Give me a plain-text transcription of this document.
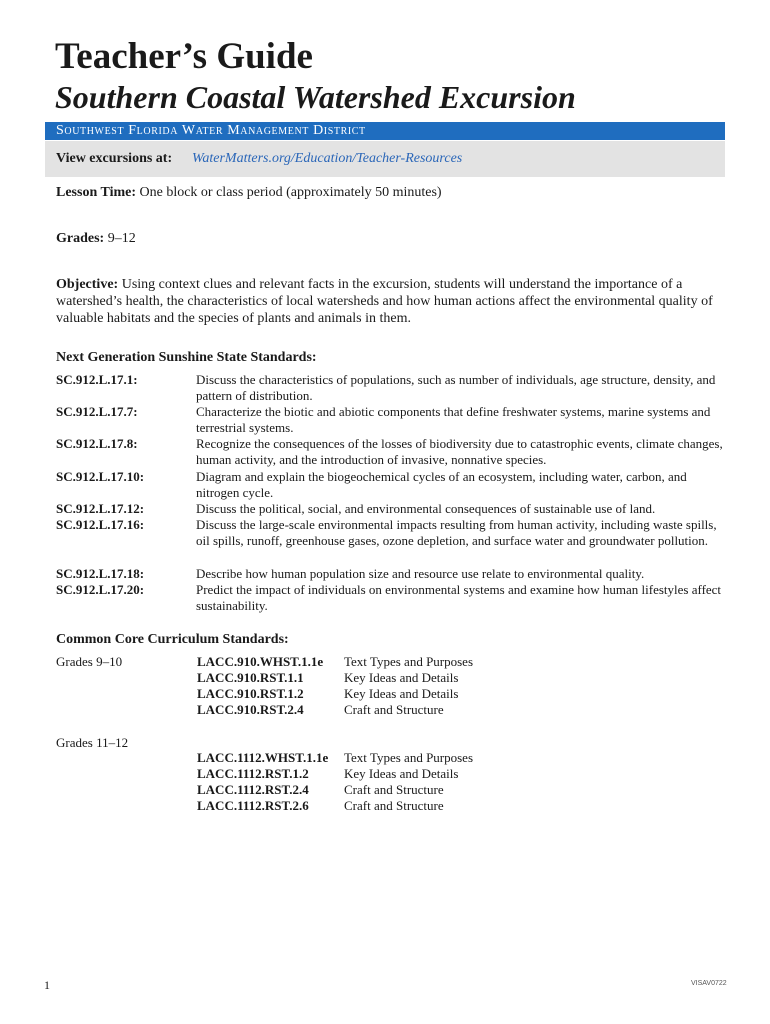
Teacher’s Guide
Southern Coastal Watershed Excursion
Southwest Florida Water Management District
View excursions at: WaterMatters.org/Education/Teacher-Resources

Lesson Time: One block or class period (approximately 50 minutes)

Grades: 9–12

Objective: Using context clues and relevant facts in the excursion, students will understand the importance of a watershed’s health, the characteristics of local watersheds and how human actions affect the environmental quality of valuable habitats and the species of plants and animals in them.

Next Generation Sunshine State Standards:
SC.912.L.17.1:	Discuss the characteristics of populations, such as number of individuals, age structure, density, and pattern of distribution.
SC.912.L.17.7:	Characterize the biotic and abiotic components that define freshwater systems, marine systems and terrestrial systems.
SC.912.L.17.8:	Recognize the consequences of the losses of biodiversity due to catastrophic events, climate changes, human activity, and the introduction of invasive, nonnative species.
SC.912.L.17.10:	Diagram and explain the biogeochemical cycles of an ecosystem, including water, carbon, and nitrogen cycle.
SC.912.L.17.12:	Discuss the political, social, and environmental consequences of sustainable use of land.
SC.912.L.17.16:	Discuss the large-scale environmental impacts resulting from human activity, including waste spills, oil spills, runoff, greenhouse gases, ozone depletion, and surface water and groundwater pollution.
SC.912.L.17.18:	Describe how human population size and resource use relate to environmental quality.
SC.912.L.17.20:	Predict the impact of individuals on environmental systems and examine how human lifestyles affect sustainability.
Common Core Curriculum Standards:
Grades 9–10	LACC.910.WHST.1.1e Text Types and Purposes
LACC.910.RST.1.1	Key Ideas and Details
LACC.910.RST.1.2	Key Ideas and Details
LACC.910.RST.2.4	Craft and Structure
Grades 11–12
LACC.1112.WHST.1.1e Text Types and Purposes
LACC.1112.RST.1.2	Key Ideas and Details
LACC.1112.RST.2.4	Craft and Structure
LACC.1112.RST.2.6	Craft and Structure
1	VISAV0722
